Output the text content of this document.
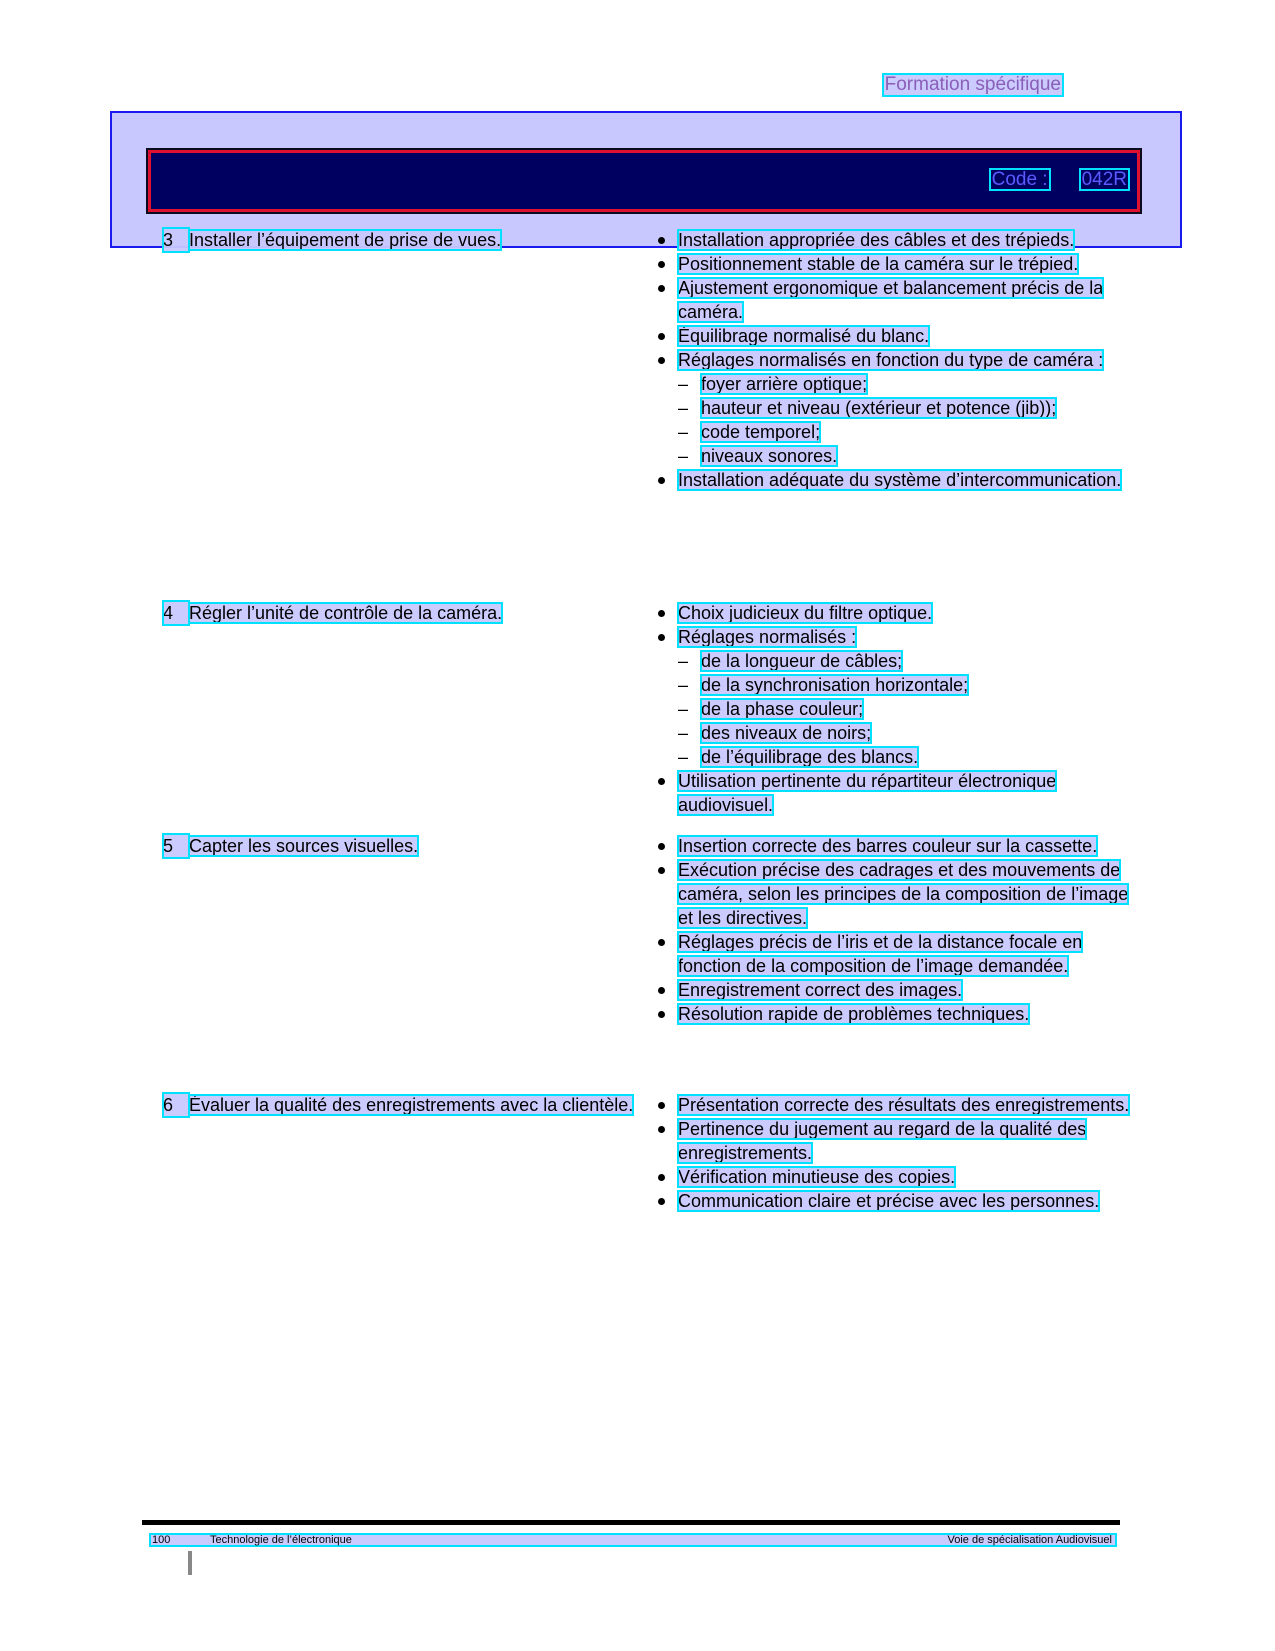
Formation spécifique
Code : 042R
3 Installer l’équipement de prise de vues.	Installation appropriée des câbles et des trépieds.
Positionnement stable de la caméra sur le trépied.
Ajustement ergonomique et balancement précis de la caméra.
Équilibrage normalisé du blanc.
Réglages normalisés en fonction du type de caméra :
– foyer arrière optique;
– hauteur et niveau (extérieur et potence (jib));
– code temporel;
– niveaux sonores.
Installation adéquate du système d’intercommunication.
4 Régler l’unité de contrôle de la caméra.	Choix judicieux du filtre optique.
Réglages normalisés :
– de la longueur de câbles;
– de la synchronisation horizontale;
– de la phase couleur;
– des niveaux de noirs;
– de l’équilibrage des blancs.
Utilisation pertinente du répartiteur électronique audiovisuel.
5 Capter les sources visuelles.	Insertion correcte des barres couleur sur la cassette.
Exécution précise des cadrages et des mouvements de caméra, selon les principes de la composition de l’image et les directives.
Réglages précis de l’iris et de la distance focale en fonction de la composition de l’image demandée.
Enregistrement correct des images.
Résolution rapide de problèmes techniques.
6 Évaluer la qualité des enregistrements avec la clientèle.	Présentation correcte des résultats des enregistrements.
Pertinence du jugement au regard de la qualité des enregistrements.
Vérification minutieuse des copies.
Communication claire et précise avec les personnes.
100	Technologie de l’électronique	Voie de spécialisation Audiovisuel
